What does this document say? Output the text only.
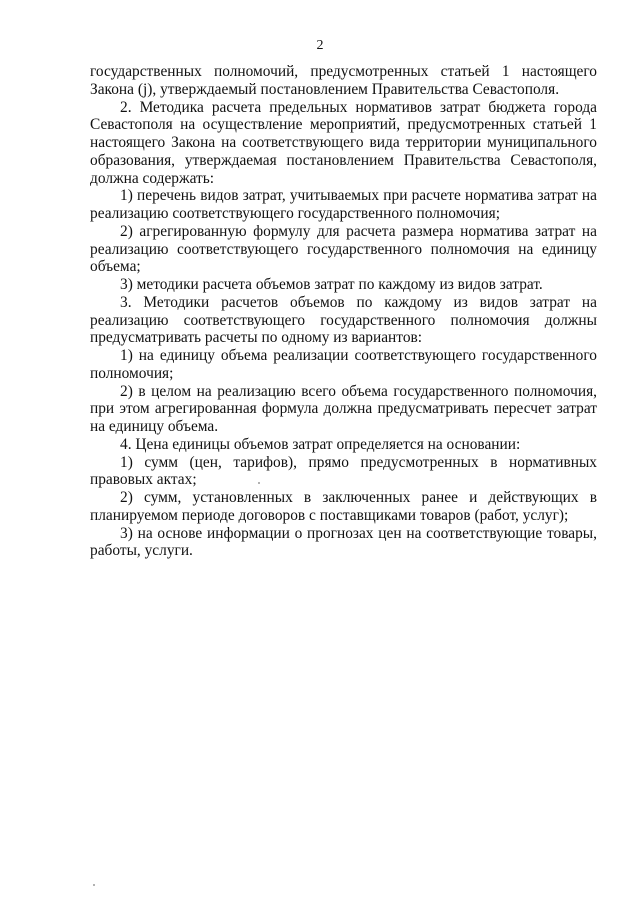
2

государственных полномочий, предусмотренных статьей 1 настоящего Закона (j), утверждаемый постановлением Правительства Севастополя.

2. Методика расчета предельных нормативов затрат бюджета города Севастополя на осуществление мероприятий, предусмотренных статьей 1 настоящего Закона на соответствующего вида территории муниципального образования, утверждаемая постановлением Правительства Севастополя, должна содержать:

1) перечень видов затрат, учитываемых при расчете норматива затрат на реализацию соответствующего государственного полномочия;

2) агрегированную формулу для расчета размера норматива затрат на реализацию соответствующего государственного полномочия на единицу объема;

3) методики расчета объемов затрат по каждому из видов затрат.

3. Методики расчетов объемов по каждому из видов затрат на реализацию соответствующего государственного полномочия должны предусматривать расчеты по одному из вариантов:

1) на единицу объема реализации соответствующего государственного полномочия;

2) в целом на реализацию всего объема государственного полномочия, при этом агрегированная формула должна предусматривать пересчет затрат на единицу объема.

4. Цена единицы объемов затрат определяется на основании:

1) сумм (цен, тарифов), прямо предусмотренных в нормативных правовых актах;

2) сумм, установленных в заключенных ранее и действующих в планируемом периоде договоров с поставщиками товаров (работ, услуг);

3) на основе информации о прогнозах цен на соответствующие товары, работы, услуги.
